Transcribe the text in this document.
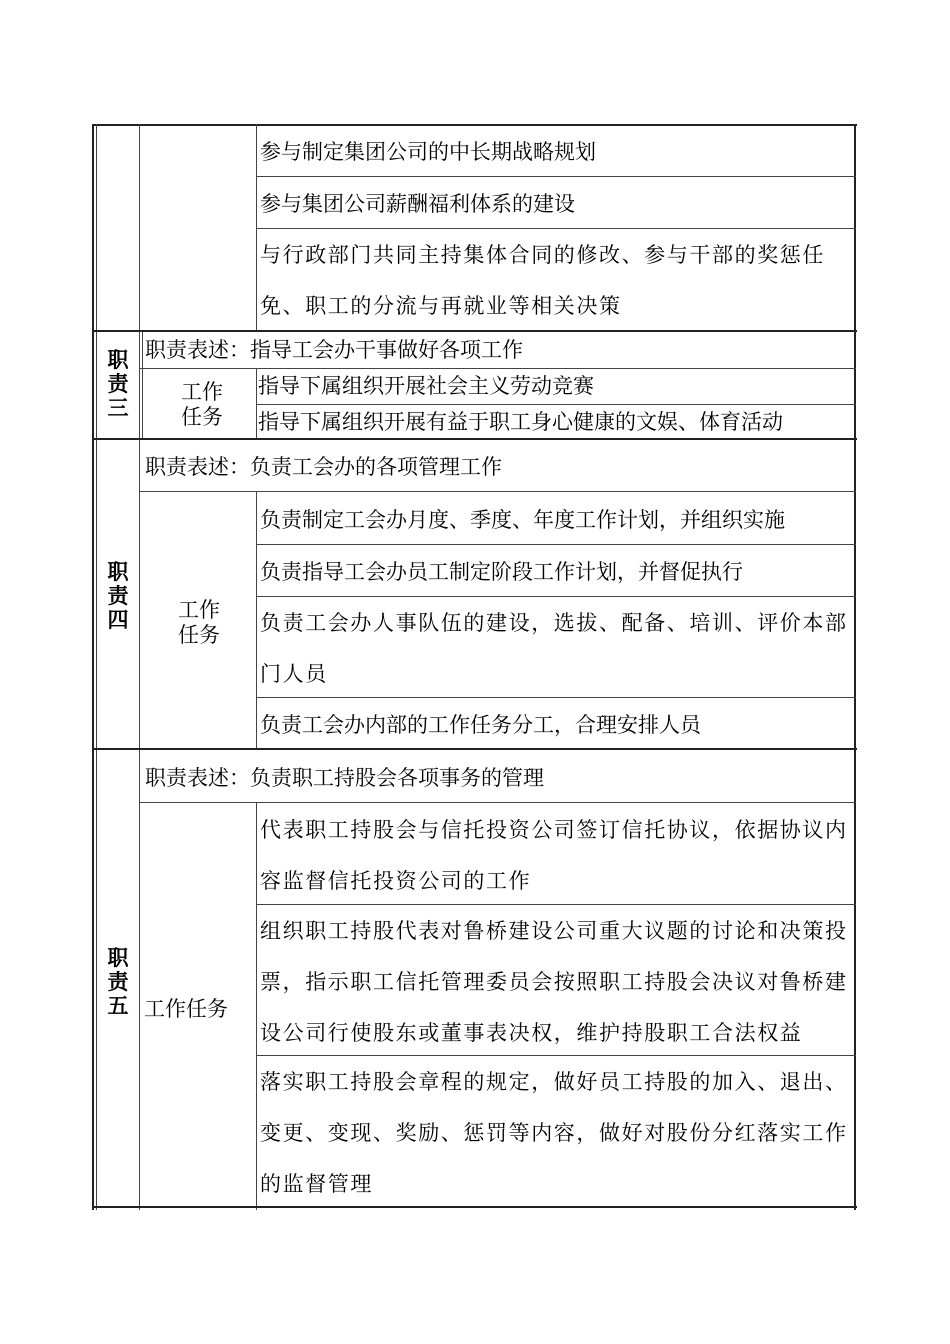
参与制定集团公司的中长期战略规划
参与集团公司薪酬福利体系的建设
与行政部门共同主持集体合同的修改、参与干部的奖惩任免、职工的分流与再就业等相关决策
职
责
三
职责表述：指导工会办干事做好各项工作
工作
任务
指导下属组织开展社会主义劳动竞赛
指导下属组织开展有益于职工身心健康的文娱、体育活动
职
责
四
职责表述：负责工会办的各项管理工作
工作
任务
负责制定工会办月度、季度、年度工作计划，并组织实施
负责指导工会办员工制定阶段工作计划，并督促执行
负责工会办人事队伍的建设，选拔、配备、培训、评价本部门人员
负责工会办内部的工作任务分工，合理安排人员
职
责
五
职责表述：负责职工持股会各项事务的管理
工作任务
代表职工持股会与信托投资公司签订信托协议，依据协议内容监督信托投资公司的工作
组织职工持股代表对鲁桥建设公司重大议题的讨论和决策投票，指示职工信托管理委员会按照职工持股会决议对鲁桥建设公司行使股东或董事表决权，维护持股职工合法权益
落实职工持股会章程的规定，做好员工持股的加入、退出、变更、变现、奖励、惩罚等内容，做好对股份分红落实工作的监督管理
